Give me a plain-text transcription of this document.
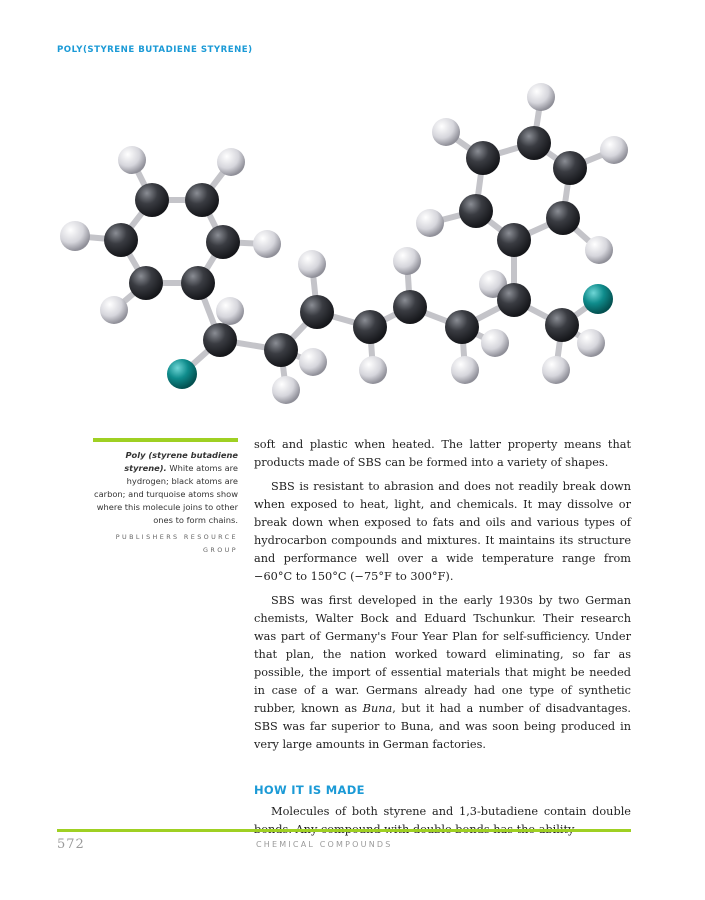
POLY(STYRENE BUTADIENE STYRENE)
Poly (styrene butadiene styrene). White atoms are hydrogen; black atoms are carbon; and turquoise atoms show where this molecule joins to other ones to form chains.
PUBLISHERS RESOURCE GROUP

soft and plastic when heated. The latter property means that products made of SBS can be formed into a variety of shapes.

SBS is resistant to abrasion and does not readily break down when exposed to heat, light, and chemicals. It may dissolve or break down when exposed to fats and oils and various types of hydrocarbon compounds and mixtures. It maintains its structure and performance well over a wide temperature range from −60°C to 150°C (−75°F to 300°F).

SBS was first developed in the early 1930s by two German chemists, Walter Bock and Eduard Tschunkur. Their research was part of Germany's Four Year Plan for self-sufficiency. Under that plan, the nation worked toward eliminating, so far as possible, the import of essential materials that might be needed in case of a war. Germans already had one type of synthetic rubber, known as Buna, but it had a number of disadvantages. SBS was far superior to Buna, and was soon being produced in very large amounts in German factories.

HOW IT IS MADE

Molecules of both styrene and 1,3-butadiene contain double

572	CHEMICAL COMPOUNDS
